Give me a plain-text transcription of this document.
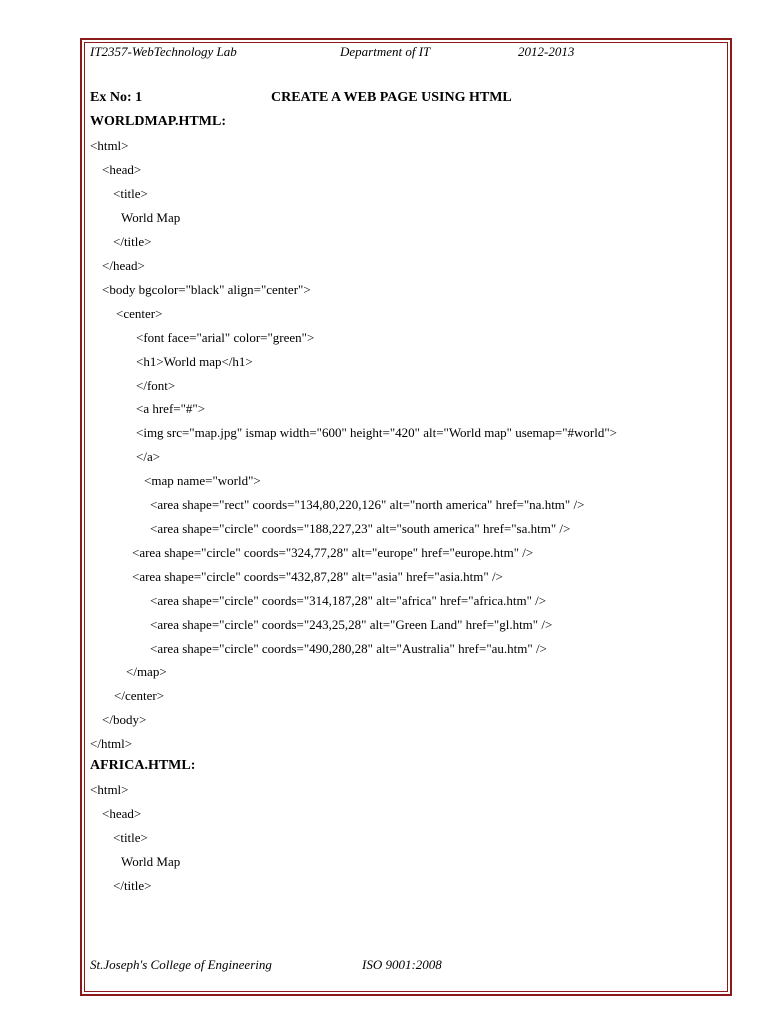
IT2357-WebTechnology Lab	Department of IT	2012-2013
Ex No: 1	CREATE A WEB PAGE USING HTML
WORLDMAP.HTML:
<html>
<head>
<title>
World Map
</title>
</head>
<body bgcolor="black" align="center">
<center>
<font face="arial" color="green">
<h1>World map</h1>
</font>
<a href="#">
<img src="map.jpg" ismap width="600" height="420" alt="World map" usemap="#world">
</a>
<map name="world">
<area shape="rect" coords="134,80,220,126" alt="north america" href="na.htm" />
<area shape="circle" coords="188,227,23" alt="south america" href="sa.htm" />
<area shape="circle" coords="324,77,28" alt="europe" href="europe.htm" />
<area shape="circle" coords="432,87,28" alt="asia" href="asia.htm" />
<area shape="circle" coords="314,187,28" alt="africa" href="africa.htm" />
<area shape="circle" coords="243,25,28" alt="Green Land" href="gl.htm" />
<area shape="circle" coords="490,280,28" alt="Australia" href="au.htm" />
</map>
</center>
</body>
</html>
AFRICA.HTML:
<html>
<head>
<title>
World Map
</title>
St.Joseph's College of Engineering	ISO 9001:2008
